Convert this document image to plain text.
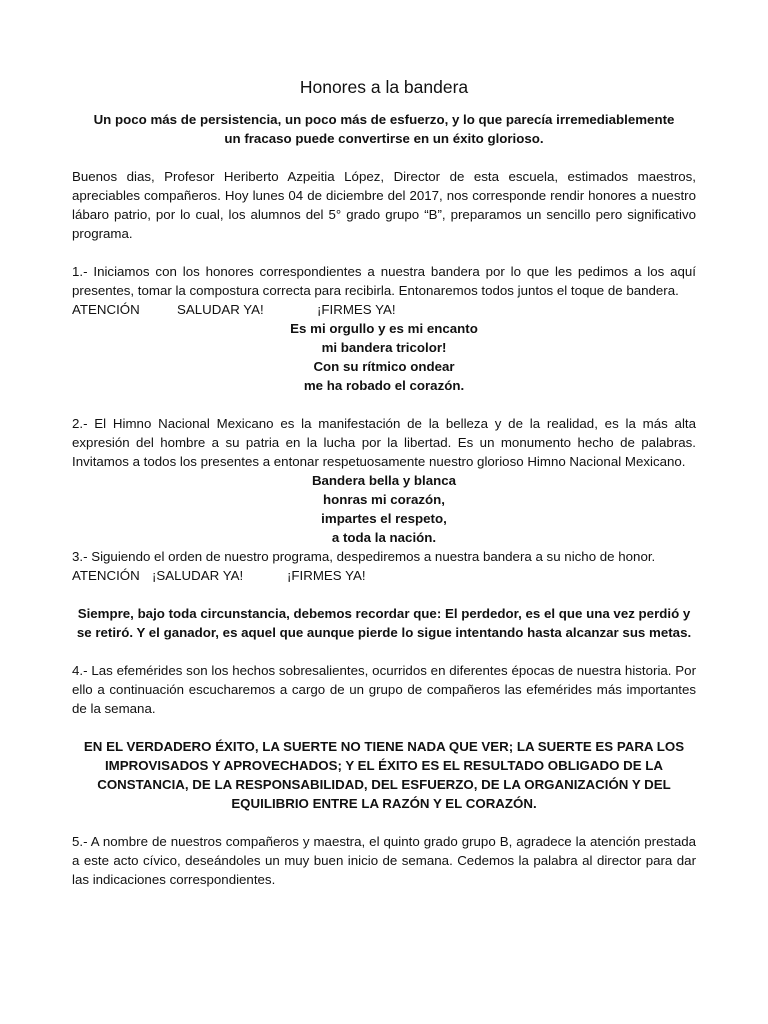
Honores a la bandera

Un poco más de persistencia, un poco más de esfuerzo, y lo que parecía irremediablemente un fracaso puede convertirse en un éxito glorioso.

Buenos dias, Profesor Heriberto Azpeitia López, Director de esta escuela, estimados maestros, apreciables compañeros. Hoy lunes 04 de diciembre del 2017, nos corresponde rendir honores a nuestro lábaro patrio, por lo cual, los alumnos del 5° grado grupo “B”, preparamos un sencillo pero significativo programa.

1.- Iniciamos con los honores correspondientes a nuestra bandera por lo que les pedimos a los aquí presentes, tomar la compostura correcta para recibirla. Entonaremos todos juntos el toque de bandera.

ATENCIÓN	SALUDAR YA!	¡FIRMES YA!
Es mi orgullo y es mi encanto
mi bandera tricolor!
Con su rítmico ondear
me ha robado el corazón.

2.- El Himno Nacional Mexicano es la manifestación de la belleza y de la realidad, es la más alta expresión del hombre a su patria en la lucha por la libertad. Es un monumento hecho de palabras. Invitamos a todos los presentes a entonar respetuosamente nuestro glorioso Himno Nacional Mexicano.

Bandera bella y blanca
honras mi corazón,
impartes el respeto,
a toda la nación.

3.- Siguiendo el orden de nuestro programa, despediremos a nuestra bandera a su nicho de honor.

ATENCIÓN ¡SALUDAR YA!	¡FIRMES YA!

Siempre, bajo toda circunstancia, debemos recordar que: El perdedor, es el que una vez perdió y se retiró. Y el ganador, es aquel que aunque pierde lo sigue intentando hasta alcanzar sus metas.

4.- Las efemérides son los hechos sobresalientes, ocurridos en diferentes épocas de nuestra historia. Por ello a continuación escucharemos a cargo de un grupo de compañeros las efemérides más importantes de la semana.

EN EL VERDADERO ÉXITO, LA SUERTE NO TIENE NADA QUE VER; LA SUERTE ES PARA LOS IMPROVISADOS Y APROVECHADOS; Y EL ÉXITO ES EL RESULTADO OBLIGADO DE LA CONSTANCIA, DE LA RESPONSABILIDAD, DEL ESFUERZO, DE LA ORGANIZACIÓN Y DEL EQUILIBRIO ENTRE LA RAZÓN Y EL CORAZÓN.

5.- A nombre de nuestros compañeros y maestra, el quinto grado grupo B, agradece la atención prestada a este acto cívico, deseándoles un muy buen inicio de semana. Cedemos la palabra al director para dar las indicaciones correspondientes.
